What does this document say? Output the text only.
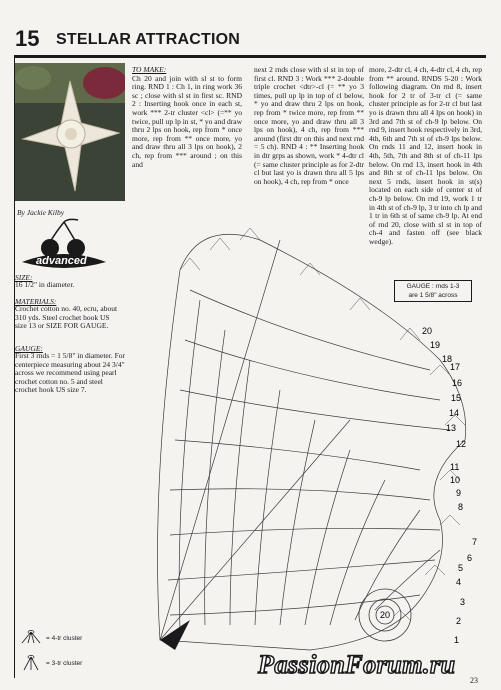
15 STELLAR ATTRACTION
By Jackie Kilby
advanced
SIZE:
16 1/2" in diameter.
MATERIALS:
Crochet cotton no. 40, ecru, about 310 yds. Steel crochet hook US size 13 or SIZE FOR GAUGE.
GAUGE:
First 3 rnds = 1 5/8" in diameter. For centerpiece measuring about 24 3/4" across we recommend using pearl crochet cotton no. 5 and steel crochet hook US size 7.
TO MAKE:
Ch 20 and join with sl st to form ring. RND 1 : Ch 1, in ring work 36 sc ; close with sl st in first sc. RND 2 : Inserting hook once in each st, work *** 2-tr cluster <cl> (=** yo twice, pull up lp in st, * yo and draw thru 2 lps on hook, rep from * once more, rep from ** once more, yo and draw thru all 3 lps on hook), 2 ch, rep from *** around ; on this and
next 2 rnds close with sl st in top of first cl. RND 3 : Work *** 2-double triple crochet <dtr>-cl (= ** yo 3 times, pull up lp in top of cl below, * yo and draw thru 2 lps on hook, rep from * twice more, rep from ** once more, yo and draw thru all 3 lps on hook), 4 ch, rep from *** around (first dtr on this and next rnd = 5 ch). RND 4 : ** Inserting hook in dtr grps as shown, work * 4-dtr cl (= same cluster principle as for 2-dtr cl but last yo is drawn thru all 5 lps on hook), 4 ch, rep from * once
more, 2-dtr cl, 4 ch, 4-dtr cl, 4 ch, rep from ** around. RNDS 5-20 : Work following diagram. On rnd 8, insert hook for 2 tr of 3-tr cl (= same cluster principle as for 2-tr cl but last yo is drawn thru all 4 lps on hook) in 3rd and 7th st of ch-9 lp below. On rnd 9, insert hook respectively in 3rd, 4th, 6th and 7th st of ch-9 lps below. On rnds 11 and 12, insert hook in 4th, 5th, 7th and 8th st of ch-11 lps below. On rnd 13, insert hook in 4th and 8th st of ch-11 lps below. On next 5 rnds, insert hook in st(s) located on each side of center st of ch-9 lp below. On rnd 19, work 1 tr in 4th st of ch-9 lp, 3 tr into ch lp and 1 tr in 6th st of same ch-9 lp. At end of rnd 20, close with sl st in top of ch-4 and fasten off (see black wedge).
20
20
19
18
17
16
15
14
13
12
11
10
9
8
7
6
5
4
3
2
1
GAUGE : rnds 1-3
are 1 5/8" across
= 4-tr cluster
= 3-tr cluster	PassionForum.ru
23
